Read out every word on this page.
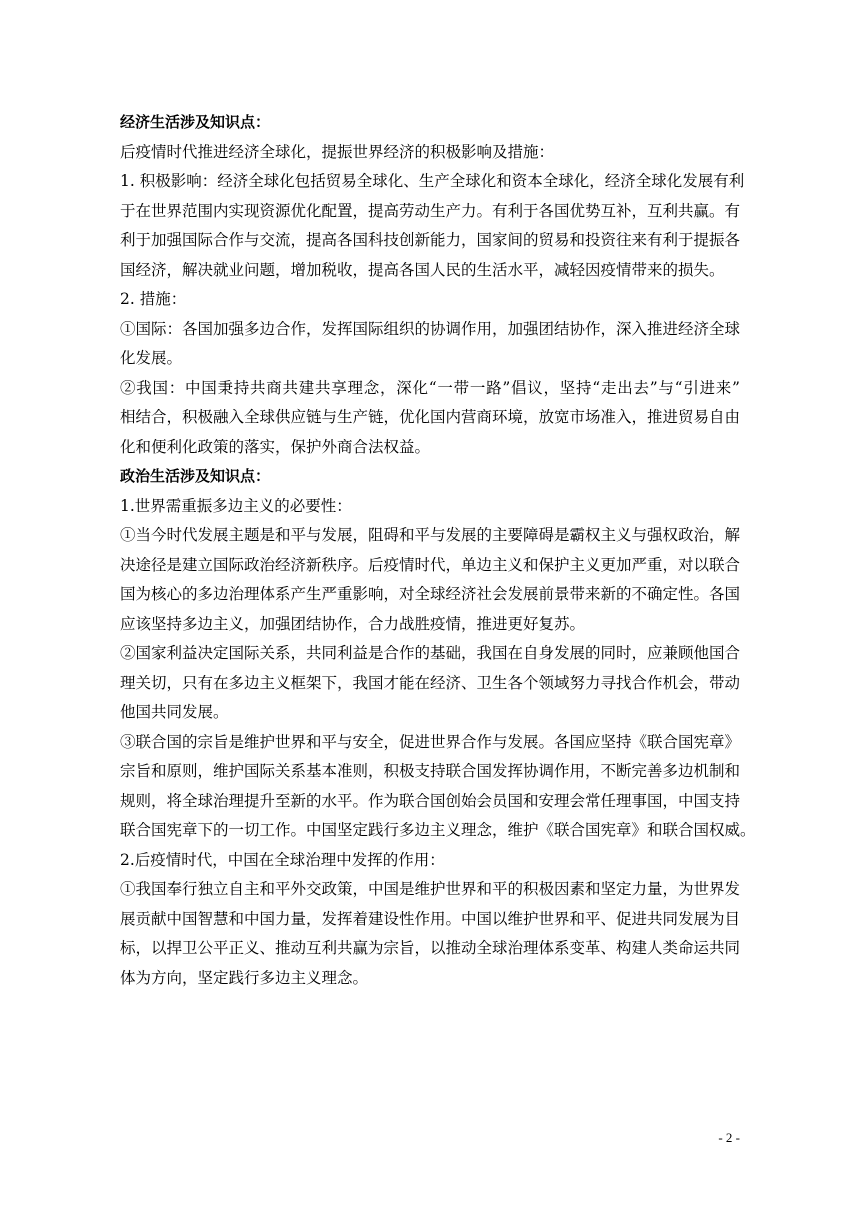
经济生活涉及知识点：
后疫情时代推进经济全球化，提振世界经济的积极影响及措施：
1. 积极影响：经济全球化包括贸易全球化、生产全球化和资本全球化，经济全球化发展有利
于在世界范围内实现资源优化配置，提高劳动生产力。有利于各国优势互补，互利共赢。有
利于加强国际合作与交流，提高各国科技创新能力，国家间的贸易和投资往来有利于提振各
国经济，解决就业问题，增加税收，提高各国人民的生活水平，减轻因疫情带来的损失。
2. 措施：
①国际：各国加强多边合作，发挥国际组织的协调作用，加强团结协作，深入推进经济全球
化发展。
②我国：中国秉持共商共建共享理念，深化“一带一路”倡议，坚持“走出去”与“引进来”
相结合，积极融入全球供应链与生产链，优化国内营商环境，放宽市场准入，推进贸易自由
化和便利化政策的落实，保护外商合法权益。
政治生活涉及知识点：
1.世界需重振多边主义的必要性：
①当今时代发展主题是和平与发展，阻碍和平与发展的主要障碍是霸权主义与强权政治，解
决途径是建立国际政治经济新秩序。后疫情时代，单边主义和保护主义更加严重，对以联合
国为核心的多边治理体系产生严重影响，对全球经济社会发展前景带来新的不确定性。各国
应该坚持多边主义，加强团结协作，合力战胜疫情，推进更好复苏。
②国家利益决定国际关系，共同利益是合作的基础，我国在自身发展的同时，应兼顾他国合
理关切，只有在多边主义框架下，我国才能在经济、卫生各个领域努力寻找合作机会，带动
他国共同发展。
③联合国的宗旨是维护世界和平与安全，促进世界合作与发展。各国应坚持《联合国宪章》
宗旨和原则，维护国际关系基本准则，积极支持联合国发挥协调作用，不断完善多边机制和
规则，将全球治理提升至新的水平。作为联合国创始会员国和安理会常任理事国，中国支持
联合国宪章下的一切工作。中国坚定践行多边主义理念，维护《联合国宪章》和联合国权威。
2.后疫情时代，中国在全球治理中发挥的作用：
①我国奉行独立自主和平外交政策，中国是维护世界和平的积极因素和坚定力量，为世界发
展贡献中国智慧和中国力量，发挥着建设性作用。中国以维护世界和平、促进共同发展为目
标，以捍卫公平正义、推动互利共赢为宗旨，以推动全球治理体系变革、构建人类命运共同
体为方向，坚定践行多边主义理念。
- 2 -
